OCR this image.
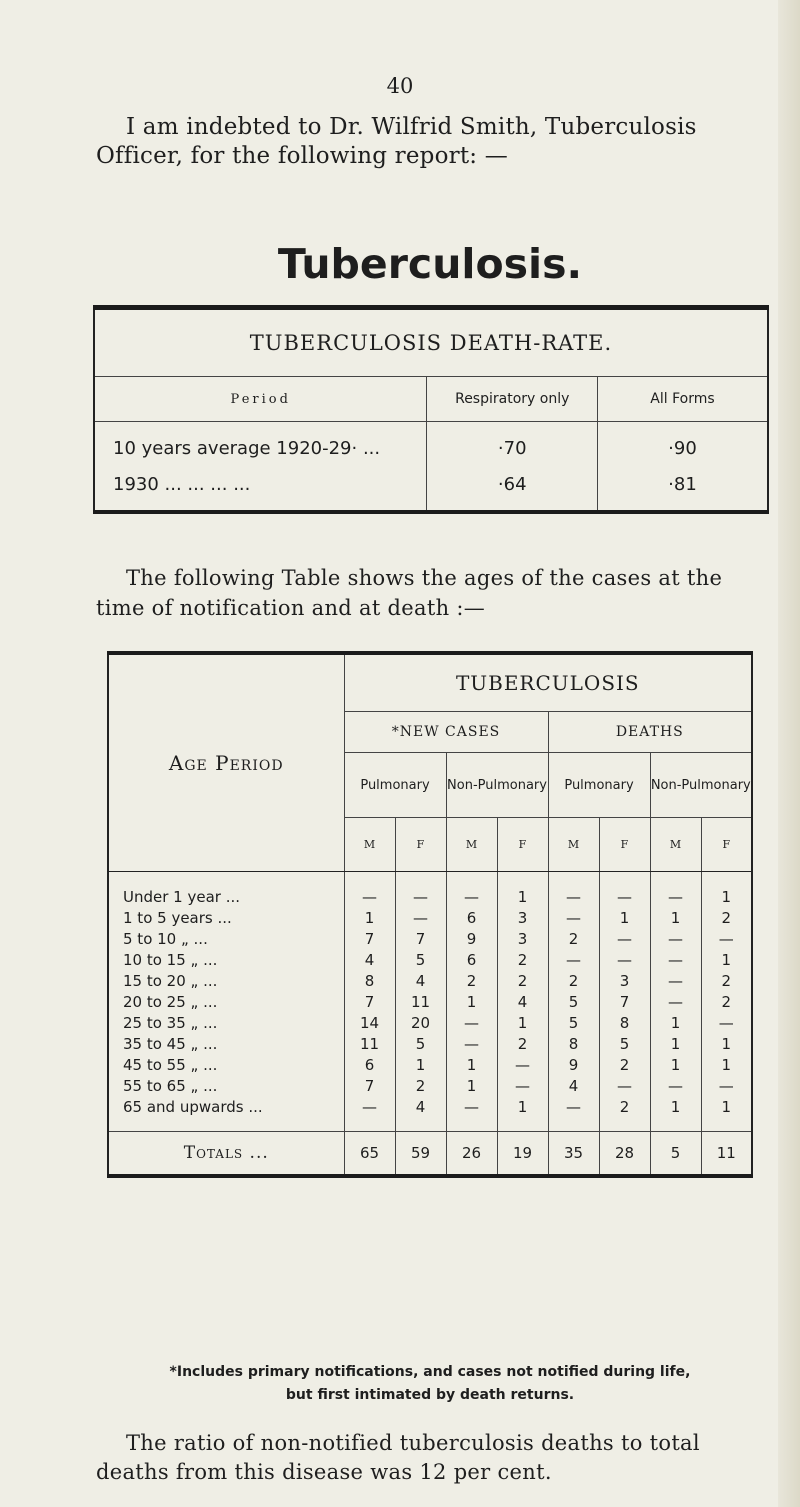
40
I am indebted to Dr. Wilfrid Smith, Tuberculosis
Officer, for the following report: —
Tuberculosis.
TUBERCULOSIS DEATH-RATE.		
Period	Respiratory only	All Forms

10 years average 1920-29· ...	·70	·90
1930 ... ... ... ...	·64	·81

The following Table shows the ages of the cases at the
time of notification and at death :—
Age Period	TUBERCULOSIS							
	*NEW CASES				DEATHS			
	Pulmonary		Non-Pulmonary		Pulmonary		Non-Pulmonary	
	M	F	M	F	M	F	M	F

Under 1 year ...	—	—	—	1	—	—	—	1
1 to 5 years ...	1	—	6	3	—	1	1	2
5 to 10 „ ...	7	7	9	3	2	—	—	—
10 to 15 „ ...	4	5	6	2	—	—	—	1
15 to 20 „ ...	8	4	2	2	2	3	—	2
20 to 25 „ ...	7	11	1	4	5	7	—	2
25 to 35 „ ...	14	20	—	1	5	8	1	—
35 to 45 „ ...	11	5	—	2	8	5	1	1
45 to 55 „ ...	6	1	1	—	9	2	1	1
55 to 65 „ ...	7	2	1	—	4	—	—	—
65 and upwards ...	—	4	—	1	—	2	1	1

Totals ...	65	59	26	19	35	28	5	11
*Includes primary notifications, and cases not notified during life,
but first intimated by death returns.
The ratio of non-notified tuberculosis deaths to total
deaths from this disease was 12 per cent.
